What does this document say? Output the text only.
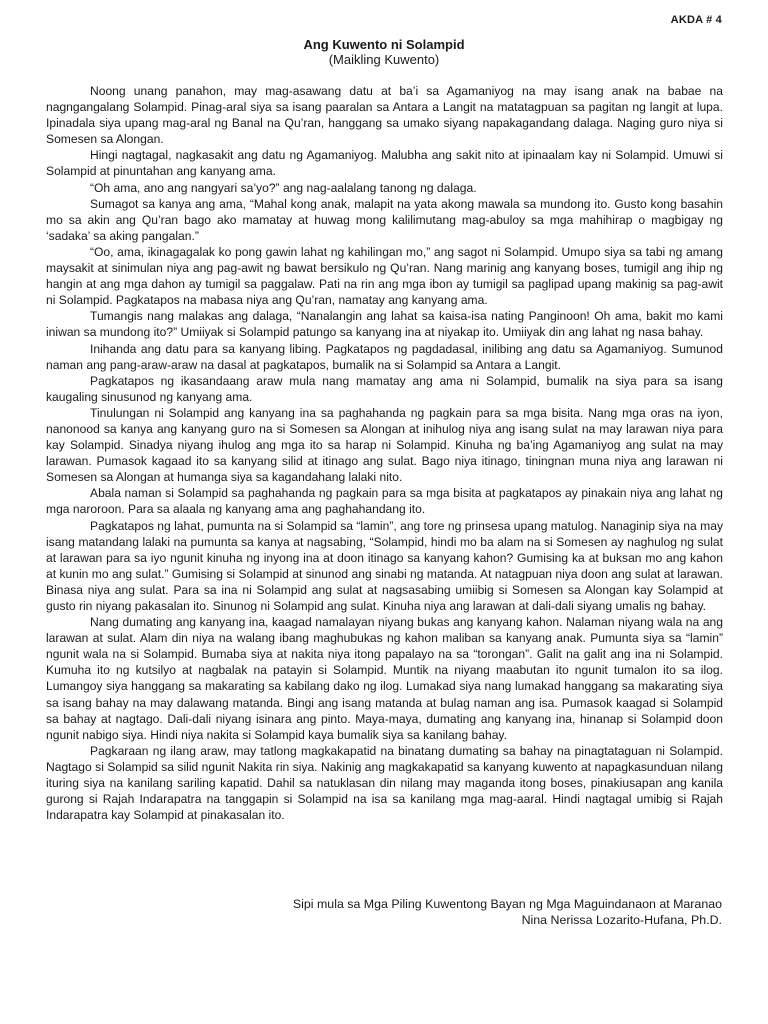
AKDA # 4
Ang Kuwento ni Solampid
(Maikling Kuwento)

Noong unang panahon, may mag-asawang datu at ba’i sa Agamaniyog na may isang anak na babae na nagngangalang Solampid. Pinag-aral siya sa isang paaralan sa Antara a Langit na matatagpuan sa pagitan ng langit at lupa. Ipinadala siya upang mag-aral ng Banal na Qu’ran, hanggang sa umako siyang napakagandang dalaga. Naging guro niya si Somesen sa Alongan.

Hingi nagtagal, nagkasakit ang datu ng Agamaniyog. Malubha ang sakit nito at ipinaalam kay ni Solampid. Umuwi si Solampid at pinuntahan ang kanyang ama.

“Oh ama, ano ang nangyari sa’yo?” ang nag-aalalang tanong ng dalaga.

Sumagot sa kanya ang ama, “Mahal kong anak, malapit na yata akong mawala sa mundong ito. Gusto kong basahin mo sa akin ang Qu’ran bago ako mamatay at huwag mong kalilimutang mag-abuloy sa mga mahihirap o magbigay ng ‘sadaka’ sa aking pangalan.”

“Oo, ama, ikinagagalak ko pong gawin lahat ng kahilingan mo,” ang sagot ni Solampid. Umupo siya sa tabi ng amang maysakit at sinimulan niya ang pag-awit ng bawat bersikulo ng Qu’ran. Nang marinig ang kanyang boses, tumigil ang ihip ng hangin at ang mga dahon ay tumigil sa paggalaw. Pati na rin ang mga ibon ay tumigil sa paglipad upang makinig sa pag-awit ni Solampid. Pagkatapos na mabasa niya ang Qu’ran, namatay ang kanyang ama.

Tumangis nang malakas ang dalaga, “Nanalangin ang lahat sa kaisa-isa nating Panginoon! Oh ama, bakit mo kami iniwan sa mundong ito?” Umiiyak si Solampid patungo sa kanyang ina at niyakap ito. Umiiyak din ang lahat ng nasa bahay.

Inihanda ang datu para sa kanyang libing. Pagkatapos ng pagdadasal, inilibing ang datu sa Agamaniyog. Sumunod naman ang pang-araw-araw na dasal at pagkatapos, bumalik na si Solampid sa Antara a Langit.

Pagkatapos ng ikasandaang araw mula nang mamatay ang ama ni Solampid, bumalik na siya para sa isang kaugaling sinusunod ng kanyang ama.

Tinulungan ni Solampid ang kanyang ina sa paghahanda ng pagkain para sa mga bisita. Nang mga oras na iyon, nanonood sa kanya ang kanyang guro na si Somesen sa Alongan at inihulog niya ang isang sulat na may larawan niya para kay Solampid. Sinadya niyang ihulog ang mga ito sa harap ni Solampid. Kinuha ng ba’ing Agamaniyog ang sulat na may larawan. Pumasok kagaad ito sa kanyang silid at itinago ang sulat. Bago niya itinago, tiningnan muna niya ang larawan ni Somesen sa Alongan at humanga siya sa kagandahang lalaki nito.

Abala naman si Solampid sa paghahanda ng pagkain para sa mga bisita at pagkatapos ay pinakain niya ang lahat ng mga naroroon. Para sa alaala ng kanyang ama ang paghahandang ito.

Pagkatapos ng lahat, pumunta na si Solampid sa “lamin”, ang tore ng prinsesa upang matulog. Nanaginip siya na may isang matandang lalaki na pumunta sa kanya at nagsabing, “Solampid, hindi mo ba alam na si Somesen ay naghulog ng sulat at larawan para sa iyo ngunit kinuha ng inyong ina at doon itinago sa kanyang kahon? Gumising ka at buksan mo ang kahon at kunin mo ang sulat.” Gumising si Solampid at sinunod ang sinabi ng matanda. At natagpuan niya doon ang sulat at larawan. Binasa niya ang sulat. Para sa ina ni Solampid ang sulat at nagsasabing umiibig si Somesen sa Alongan kay Solampid at gusto rin niyang pakasalan ito. Sinunog ni Solampid ang sulat. Kinuha niya ang larawan at dali-dali siyang umalis ng bahay.

Nang dumating ang kanyang ina, kaagad namalayan niyang bukas ang kanyang kahon. Nalaman niyang wala na ang larawan at sulat. Alam din niya na walang ibang maghubukas ng kahon maliban sa kanyang anak. Pumunta siya sa “lamin” ngunit wala na si Solampid. Bumaba siya at nakita niya itong papalayo na sa “torongan”. Galit na galit ang ina ni Solampid. Kumuha ito ng kutsilyo at nagbalak na patayin si Solampid. Muntik na niyang maabutan ito ngunit tumalon ito sa ilog. Lumangoy siya hanggang sa makarating sa kabilang dako ng ilog. Lumakad siya nang lumakad hanggang sa makarating siya sa isang bahay na may dalawang matanda. Bingi ang isang matanda at bulag naman ang isa. Pumasok kaagad si Solampid sa bahay at nagtago. Dali-dali niyang isinara ang pinto. Maya-maya, dumating ang kanyang ina, hinanap si Solampid doon ngunit nabigo siya. Hindi niya nakita si Solampid kaya bumalik siya sa kanilang bahay.

Pagkaraan ng ilang araw, may tatlong magkakapatid na binatang dumating sa bahay na pinagtataguan ni Solampid. Nagtago si Solampid sa silid ngunit Nakita rin siya. Nakinig ang magkakapatid sa kanyang kuwento at napagkasunduan nilang ituring siya na kanilang sariling kapatid. Dahil sa natuklasan din nilang may maganda itong boses, pinakiusapan ang kanila gurong si Rajah Indarapatra na tanggapin si Solampid na isa sa kanilang mga mag-aaral. Hindi nagtagal umibig si Rajah Indarapatra kay Solampid at pinakasalan ito.

Sipi mula sa Mga Piling Kuwentong Bayan ng Mga Maguindanaon at Maranao
Nina Nerissa Lozarito-Hufana, Ph.D.
